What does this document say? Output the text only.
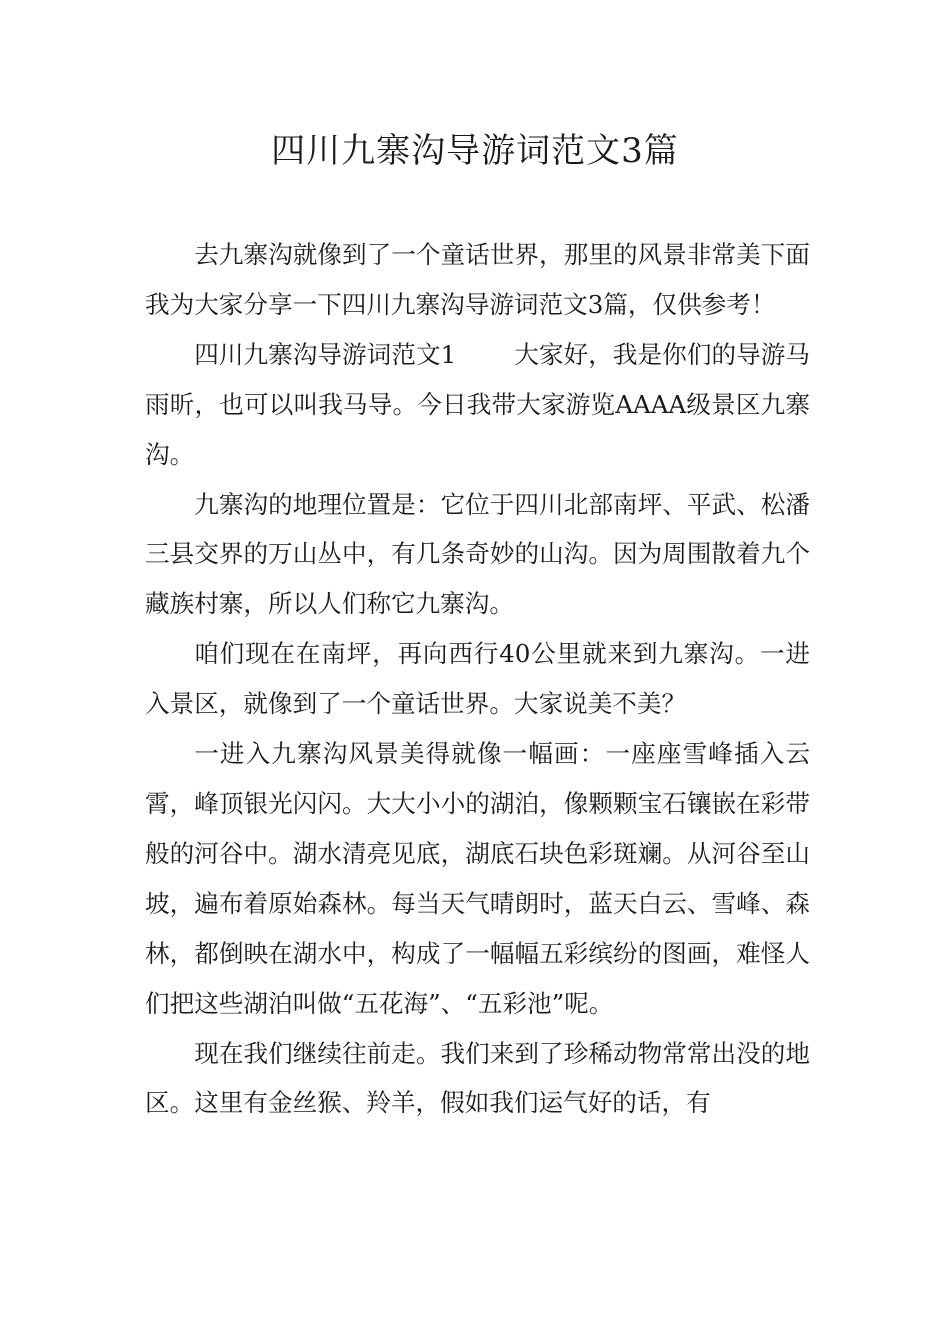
四川九寨沟导游词范文3篇

去九寨沟就像到了一个童话世界，那里的风景非常美下面我为大家分享一下四川九寨沟导游词范文3篇，仅供参考！

四川九寨沟导游词范文1 大家好，我是你们的导游马雨昕，也可以叫我马导。今日我带大家游览AAAA级景区九寨沟。

九寨沟的地理位置是：它位于四川北部南坪、平武、松潘三县交界的万山丛中，有几条奇妙的山沟。因为周围散着九个藏族村寨，所以人们称它九寨沟。

咱们现在在南坪，再向西行40公里就来到九寨沟。一进入景区，就像到了一个童话世界。大家说美不美？

一进入九寨沟风景美得就像一幅画：一座座雪峰插入云霄，峰顶银光闪闪。大大小小的湖泊，像颗颗宝石镶嵌在彩带般的河谷中。湖水清亮见底，湖底石块色彩斑斓。从河谷至山坡，遍布着原始森林。每当天气晴朗时，蓝天白云、雪峰、森林，都倒映在湖水中，构成了一幅幅五彩缤纷的图画，难怪人们把这些湖泊叫做“五花海”、“五彩池”呢。

现在我们继续往前走。我们来到了珍稀动物常常出没的地区。这里有金丝猴、羚羊，假如我们运气好的话，有
